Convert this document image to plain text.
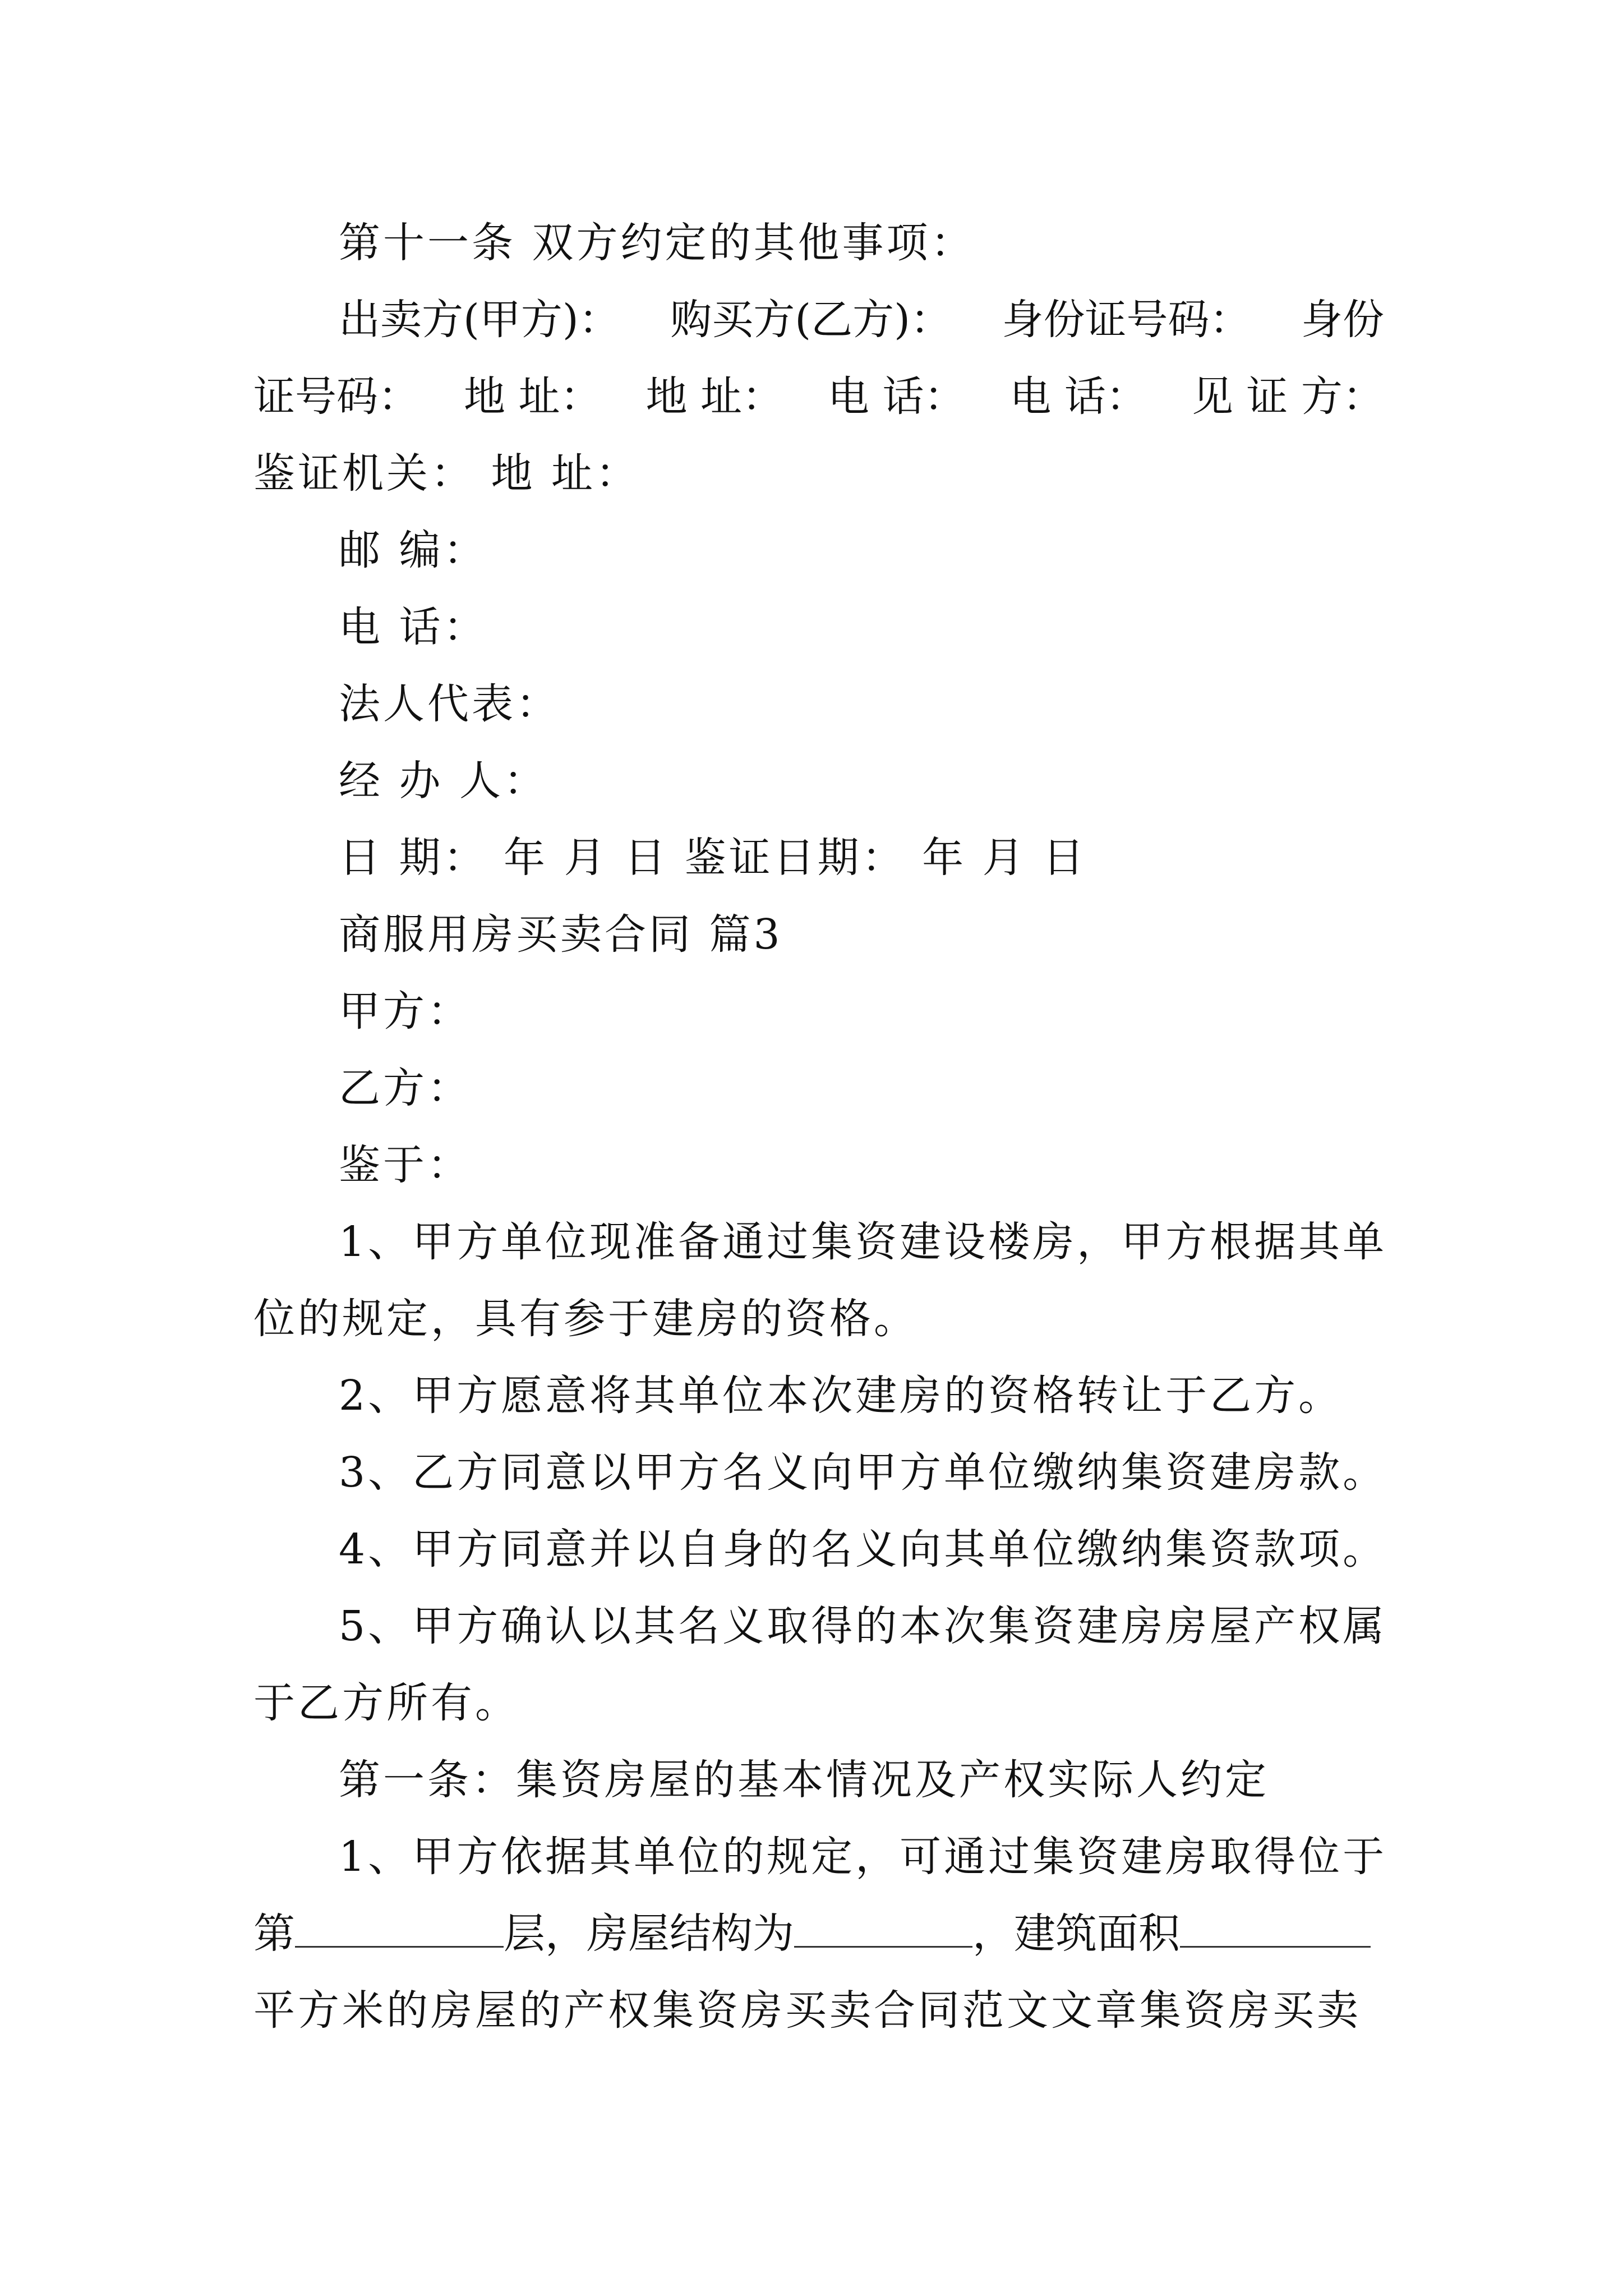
第十一条 双方约定的其他事项：
出卖方(甲方)： 购买方(乙方)： 身份证号码： 身份
证号码： 地 址： 地 址： 电 话： 电 话： 见 证 方：
鉴证机关： 地 址：
邮 编：
电 话：
法人代表：
经 办 人：
日 期： 年 月 日 鉴证日期： 年 月 日
商服用房买卖合同 篇3
甲方：
乙方：
鉴于：
1、甲方单位现准备通过集资建设楼房，甲方根据其单
位的规定，具有参于建房的资格。
2、甲方愿意将其单位本次建房的资格转让于乙方。
3、乙方同意以甲方名义向甲方单位缴纳集资建房款。
4、甲方同意并以自身的名义向其单位缴纳集资款项。
5、甲方确认以其名义取得的本次集资建房房屋产权属
于乙方所有。
第一条：集资房屋的基本情况及产权实际人约定
1、甲方依据其单位的规定，可通过集资建房取得位于
第	层，房屋结构为	，建筑面积
平方米的房屋的产权集资房买卖合同范文文章集资房买卖
